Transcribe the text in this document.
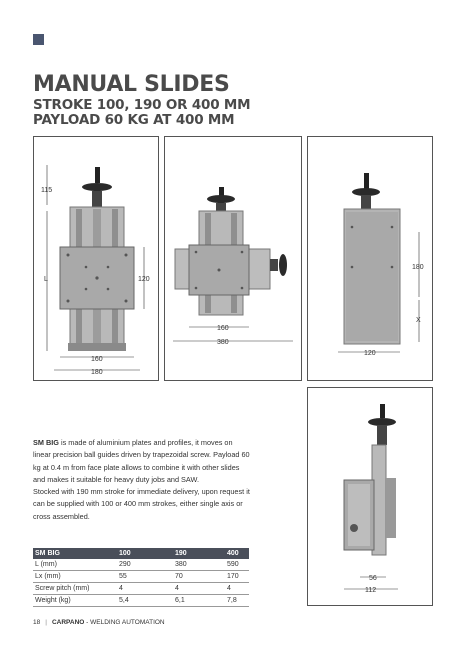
MANUAL SLIDES
STROKE 100, 190 OR 400 MM
PAYLOAD 60 KG AT 400 MM
115
L	120
160
180
160
380
180
X
120
56
112

SM BIG is made of aluminium plates and profiles, it moves on linear precision ball guides driven by trapezoidal screw. Payload 60 kg at 0.4 m from face plate allows to combine it with other slides and makes it suitable for heavy duty jobs and SAW.

Stocked with 190 mm stroke for immediate delivery, upon request it can be supplied with 100 or 400 mm strokes, either single axis or cross assembled.

SM BIG	100	190	400
L (mm)	290	380	590
Lx (mm)	55	70	170
Screw pitch (mm)	4	4	4
Weight (kg)	5,4	6,1	7,8
18 | CARPANO - WELDING AUTOMATION
